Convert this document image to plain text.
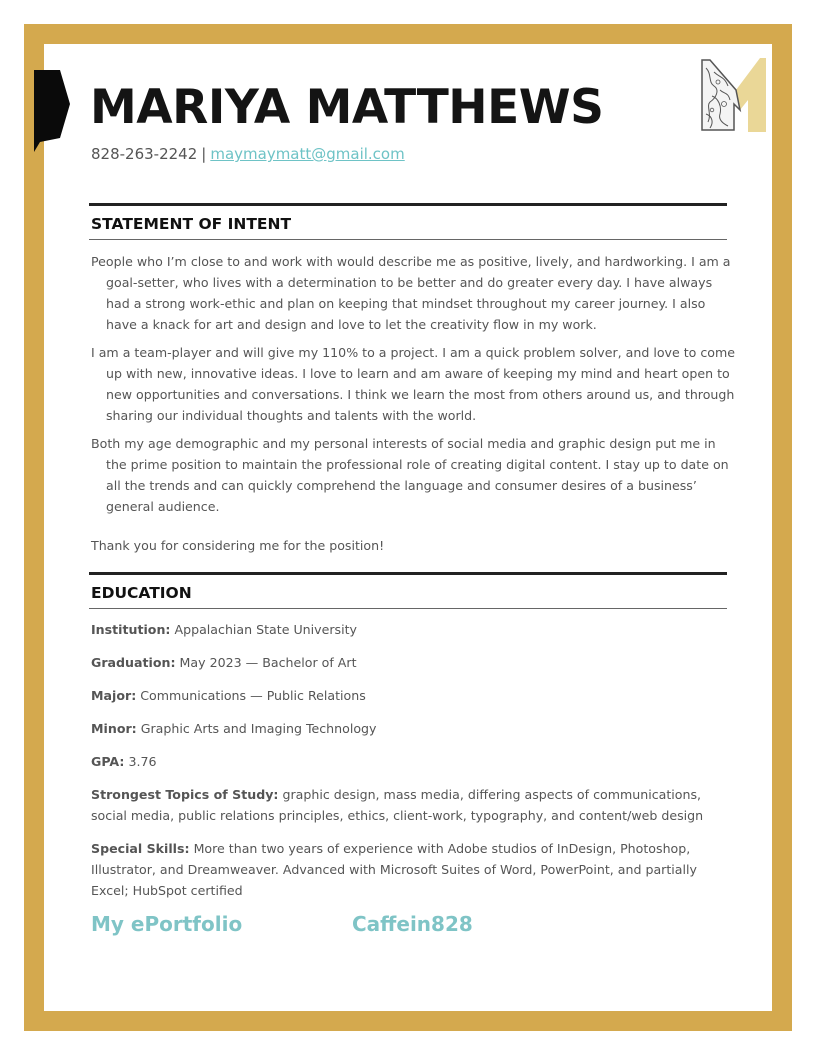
MARIYA MATTHEWS
828-263-2242 | maymaymatt@gmail.com
STATEMENT OF INTENT

People who I’m close to and work with would describe me as positive, lively, and hardworking. I am a goal-setter, who lives with a determination to be better and do greater every day. I have always had a strong work-ethic and plan on keeping that mindset throughout my career journey. I also have a knack for art and design and love to let the creativity flow in my work.

I am a team-player and will give my 110% to a project. I am a quick problem solver, and love to come up with new, innovative ideas. I love to learn and am aware of keeping my mind and heart open to new opportunities and conversations. I think we learn the most from others around us, and through sharing our individual thoughts and talents with the world.

Both my age demographic and my personal interests of social media and graphic design put me in the prime position to maintain the professional role of creating digital content. I stay up to date on all the trends and can quickly comprehend the language and consumer desires of a business’ general audience.

Thank you for considering me for the position!

EDUCATION

Institution: Appalachian State University

Graduation: May 2023 — Bachelor of Art

Major: Communications — Public Relations

Minor: Graphic Arts and Imaging Technology

GPA: 3.76

Strongest Topics of Study: graphic design, mass media, differing aspects of communications, social media, public relations principles, ethics, client-work, typography, and content/web design

Special Skills: More than two years of experience with Adobe studios of InDesign, Photoshop, Illustrator, and Dreamweaver. Advanced with Microsoft Suites of Word, PowerPoint, and partially Excel; HubSpot certified

My ePortfolio	Caffein828
